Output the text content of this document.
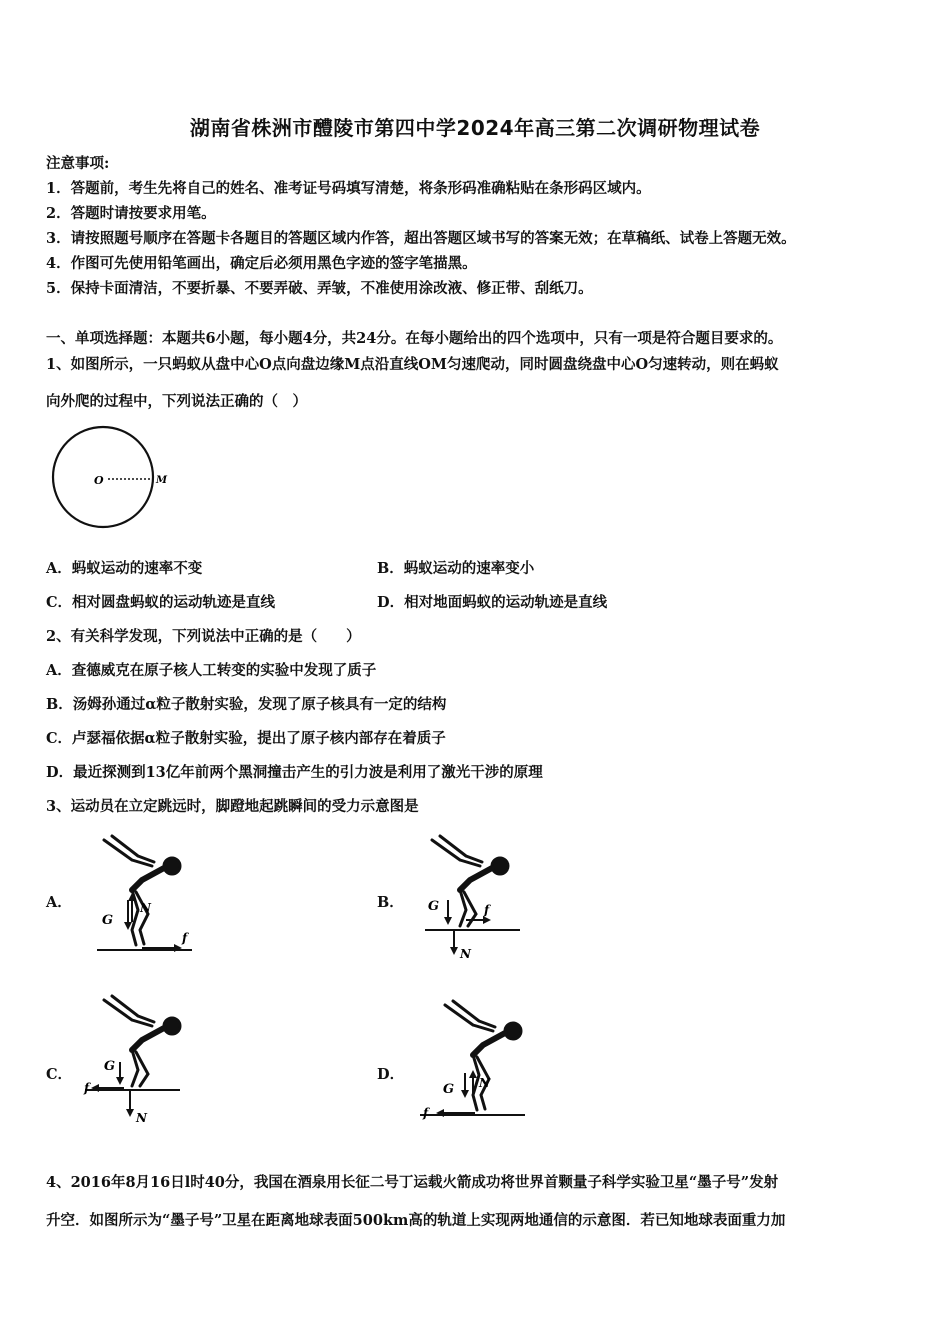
湖南省株洲市醴陵市第四中学2024年高三第二次调研物理试卷
注意事项:
1．答题前，考生先将自己的姓名、准考证号码填写清楚，将条形码准确粘贴在条形码区域内。
2．答题时请按要求用笔。
3．请按照题号顺序在答题卡各题目的答题区域内作答，超出答题区域书写的答案无效；在草稿纸、试卷上答题无效。
4．作图可先使用铅笔画出，确定后必须用黑色字迹的签字笔描黑。
5．保持卡面清洁，不要折暴、不要弄破、弄皱，不准使用涂改液、修正带、刮纸刀。
一、单项选择题：本题共6小题，每小题4分，共24分。在每小题给出的四个选项中，只有一项是符合题目要求的。
1、如图所示，一只蚂蚁从盘中心O点向盘边缘M点沿直线OM匀速爬动，同时圆盘绕盘中心O匀速转动，则在蚂蚁
向外爬的过程中，下列说法正确的（　）
O	M
A．蚂蚁运动的速率不变	B．蚂蚁运动的速率变小
C．相对圆盘蚂蚁的运动轨迹是直线	D．相对地面蚂蚁的运动轨迹是直线
2、有关科学发现，下列说法中正确的是（　　）
A．查德威克在原子核人工转变的实验中发现了质子
B．汤姆孙通过α粒子散射实验，发现了原子核具有一定的结构
C．卢瑟福依据α粒子散射实验，提出了原子核内部存在着质子
D．最近探测到13亿年前两个黑洞撞击产生的引力波是利用了激光干涉的原理
3、运动员在立定跳远时，脚蹬地起跳瞬间的受力示意图是
A．	B．
C．	D．
G
N
f
G	f
N
G
f
N
G N
f
4、2016年8月16日l时40分，我国在酒泉用长征二号丁运载火箭成功将世界首颗量子科学实验卫星“墨子号”发射
升空．如图所示为“墨子号”卫星在距离地球表面500km高的轨道上实现两地通信的示意图．若已知地球表面重力加
